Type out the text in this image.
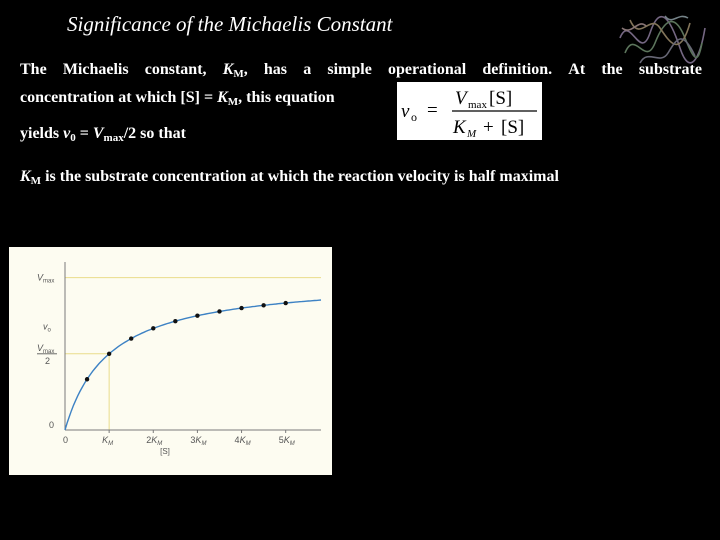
Significance of the Michaelis Constant
The Michaelis constant, $K_M$, has a simple operational definition. At the substrate
concentration at which $[S] = K_M$, this equation
v o =
V max [S]
K M + [S]
yields $v_0 = V_{max}/2$ so that
$K_M$ is the substrate concentration at which the reaction velocity is half maximal
0	$K_M$	$2K_M$	$3K_M$	$4K_M$	$5K_M$
[S]
$V_{max}$
$v_o$
$V_{max}$
2
0
